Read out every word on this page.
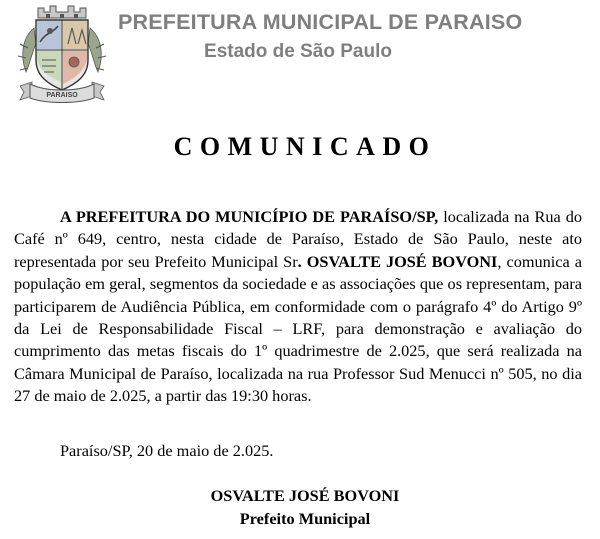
PARAISO
PREFEITURA MUNICIPAL DE PARAISO
Estado de São Paulo
COMUNICADO

A PREFEITURA DO MUNICÍPIO DE PARAÍSO/SP, localizada na Rua do Café nº 649, centro, nesta cidade de Paraíso, Estado de São Paulo, neste ato representada por seu Prefeito Municipal Sr. OSVALTE JOSÉ BOVONI, comunica a população em geral, segmentos da sociedade e as associações que os representam, para participarem de Audiência Pública, em conformidade com o parágrafo 4º do Artigo 9º da Lei de Responsabilidade Fiscal – LRF, para demonstração e avaliação do cumprimento das metas fiscais do 1º quadrimestre de 2.025, que será realizada na Câmara Municipal de Paraíso, localizada na rua Professor Sud Menucci nº 505, no dia 27 de maio de 2.025, a partir das 19:30 horas.

Paraíso/SP, 20 de maio de 2.025.
OSVALTE JOSÉ BOVONI
Prefeito Municipal
